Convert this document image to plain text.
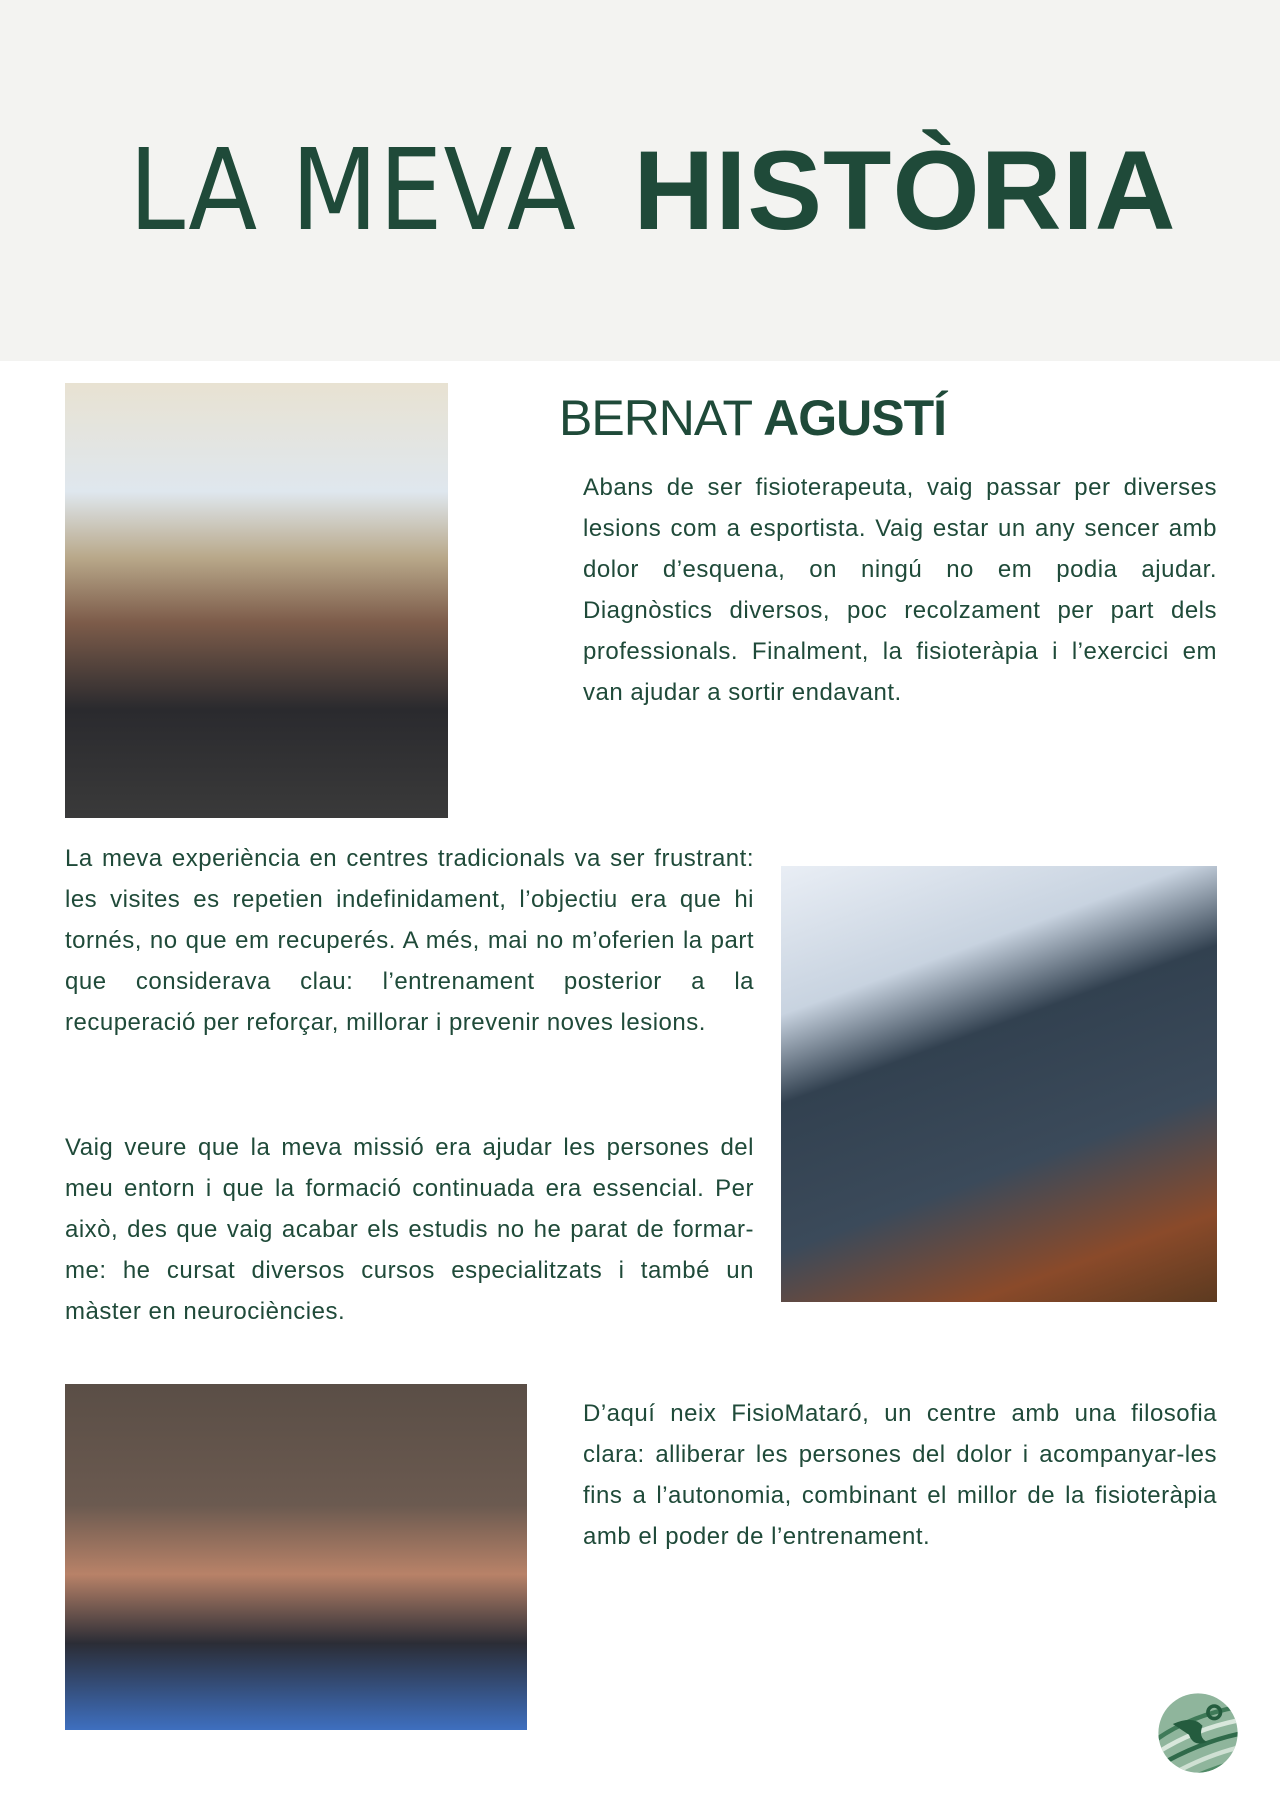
LA MEVA HISTÒRIA
BERNAT AGUSTÍ

Abans de ser fisioterapeuta, vaig passar per diverses lesions com a esportista. Vaig estar un any sencer amb dolor d’esquena, on ningú no em podia ajudar. Diagnòstics diversos, poc recolzament per part dels professionals. Finalment, la fisioteràpia i l’exercici em van ajudar a sortir endavant.

La meva experiència en centres tradicionals va ser frustrant: les visites es repetien indefinidament, l’objectiu era que hi tornés, no que em recuperés. A més, mai no m’oferien la part que considerava clau: l’entrenament posterior a la recuperació per reforçar, millorar i prevenir noves lesions.

Vaig veure que la meva missió era ajudar les persones del meu entorn i que la formació continuada era essencial. Per això, des que vaig acabar els estudis no he parat de formar-me: he cursat diversos cursos especialitzats i també un màster en neurociències.

D’aquí neix FisioMataró, un centre amb una filosofia clara: alliberar les persones del dolor i acompanyar-les fins a l’autonomia, combinant el millor de la fisioteràpia amb el poder de l’entrenament.
